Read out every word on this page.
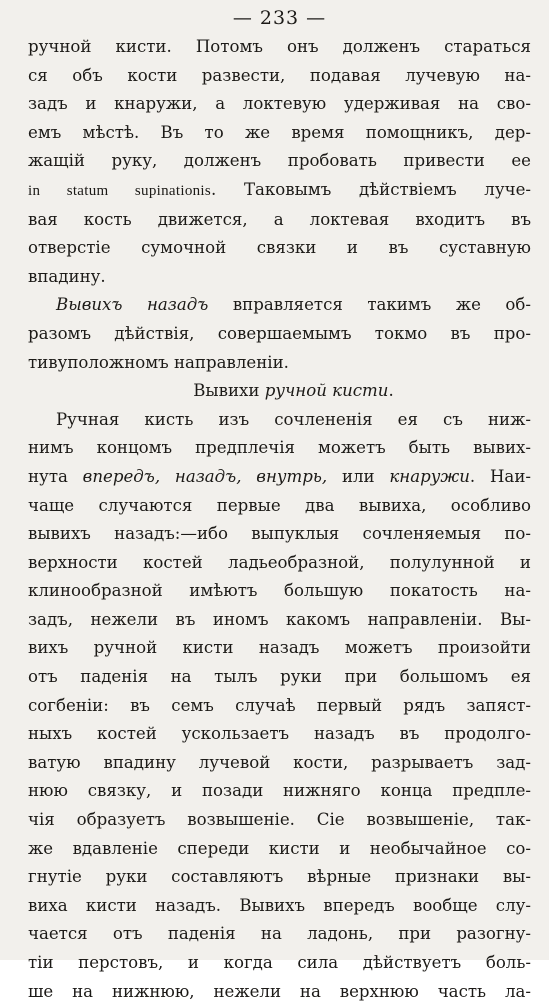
— 233 —
ручной кисти. Потомъ онъ долженъ стараться
ся объ кости развести, подавая лучевую на-
задъ и кнаружи, а локтевую удерживая на сво-
емъ мѣстѣ. Въ то же время помощникъ, дер-
жащій руку, долженъ пробовать привести ее
in statum supinationis. Таковымъ дѣйствіемъ луче-
вая кость движется, а локтевая входитъ въ
отверстіе сумочной связки и въ суставную
впадину.
Вывихъ назадъ вправляется такимъ же об-
разомъ дѣйствія, совершаемымъ токмо въ про-
тивуположномъ направленіи.
Вывихи ручной кисти.
Ручная кисть изъ сочлененія ея съ ниж-
нимъ концомъ предплечія можетъ быть вывих-
нута впередъ, назадъ, внутрь, или кнаружи. Наи-
чаще случаются первые два вывиха, особливо
вывихъ назадъ:—ибо выпуклыя сочленяемыя по-
верхности костей ладьеобразной, полулунной и
клинообразной имѣютъ большую покатость на-
задъ, нежели въ иномъ какомъ направленіи. Вы-
вихъ ручной кисти назадъ можетъ произойти
отъ паденія на тылъ руки при большомъ ея
согбеніи: въ семъ случаѣ первый рядъ запяст-
ныхъ костей ускользаетъ назадъ въ продолго-
ватую впадину лучевой кости, разрываетъ зад-
нюю связку, и позади нижняго конца предпле-
чія образуетъ возвышеніе. Сіе возвышеніе, так-
же вдавленіе спереди кисти и необычайное со-
гнутіе руки составляютъ вѣрные признаки вы-
виха кисти назадъ. Вывихъ впередъ вообще слу-
чается отъ паденія на ладонь, при разогну-
тіи перстовъ, и когда сила дѣйствуетъ боль-
ше на нижнюю, нежели на верхнюю часть ла-
